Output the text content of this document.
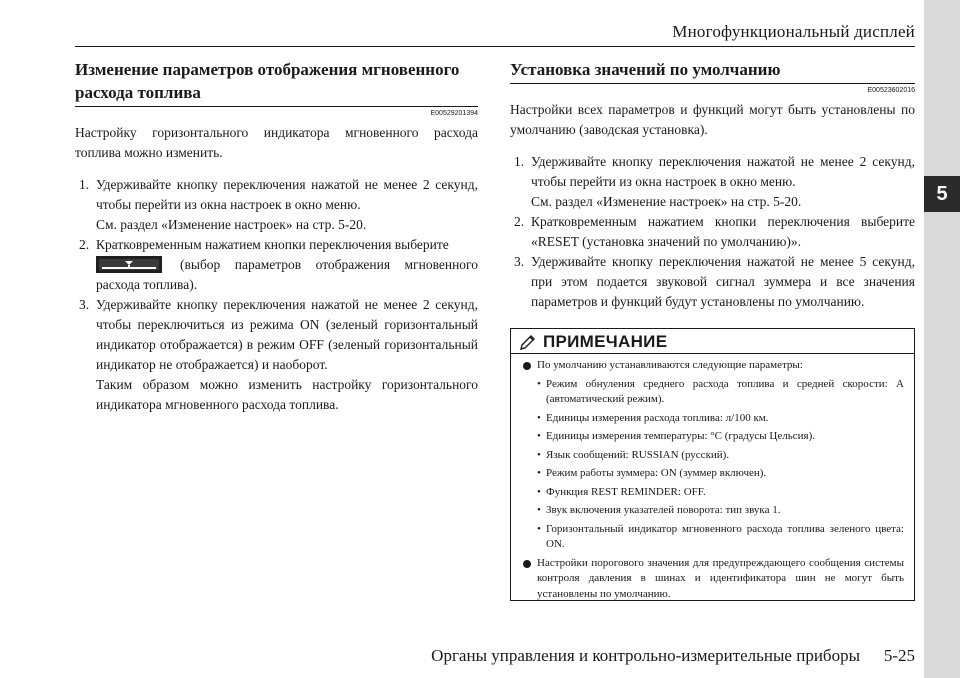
Многофункциональный дисплей
5
Изменение параметров отображения мгновенного
расхода топлива
E00529201394

Настройку горизонтального индикатора мгновенного расхода топлива можно изменить.

1. Удерживайте кнопку переключения нажатой не менее 2 секунд, чтобы перейти из окна настроек в окно меню.
См. раздел «Изменение настроек» на стр. 5-20.
2. Кратковременным нажатием кнопки переключения выберите
(выбор параметров отображения мгновенного расхода топлива).
3. Удерживайте кнопку переключения нажатой не менее 2 секунд, чтобы переключиться из режима ON (зеленый горизонтальный индикатор отображается) в режим OFF (зеленый горизонтальный индикатор не отображается) и наоборот.
Таким образом можно изменить настройку горизонтального индикатора мгновенного расхода топлива.
Установка значений по умолчанию
E00523602016

Настройки всех параметров и функций могут быть установлены по умолчанию (заводская установка).

1. Удерживайте кнопку переключения нажатой не менее 2 секунд, чтобы перейти из окна настроек в окно меню.
См. раздел «Изменение настроек» на стр. 5-20.
2. Кратковременным нажатием кнопки переключения выберите «RESET (установка значений по умолчанию)».
3. Удерживайте кнопку переключения нажатой не менее 5 секунд, при этом подается звуковой сигнал зуммера и все значения параметров и функций будут установлены по умолчанию.
ПРИМЕЧАНИЕ
По умолчанию устанавливаются следующие параметры:
• Режим обнуления среднего расхода топлива и средней скорости: A (автоматический режим).
• Единицы измерения расхода топлива: л/100 км.
• Единицы измерения температуры: °C (градусы Цельсия).
• Язык сообщений: RUSSIAN (русский).
• Режим работы зуммера: ON (зуммер включен).
• Функция REST REMINDER: OFF.
• Звук включения указателей поворота: тип звука 1.
• Горизонтальный индикатор мгновенного расхода топлива зеленого цвета: ON.
Настройки порогового значения для предупреждающего сообщения системы контроля давления в шинах и идентификатора шин не могут быть установлены по умолчанию.
Органы управления и контрольно-измерительные приборы 5-25
